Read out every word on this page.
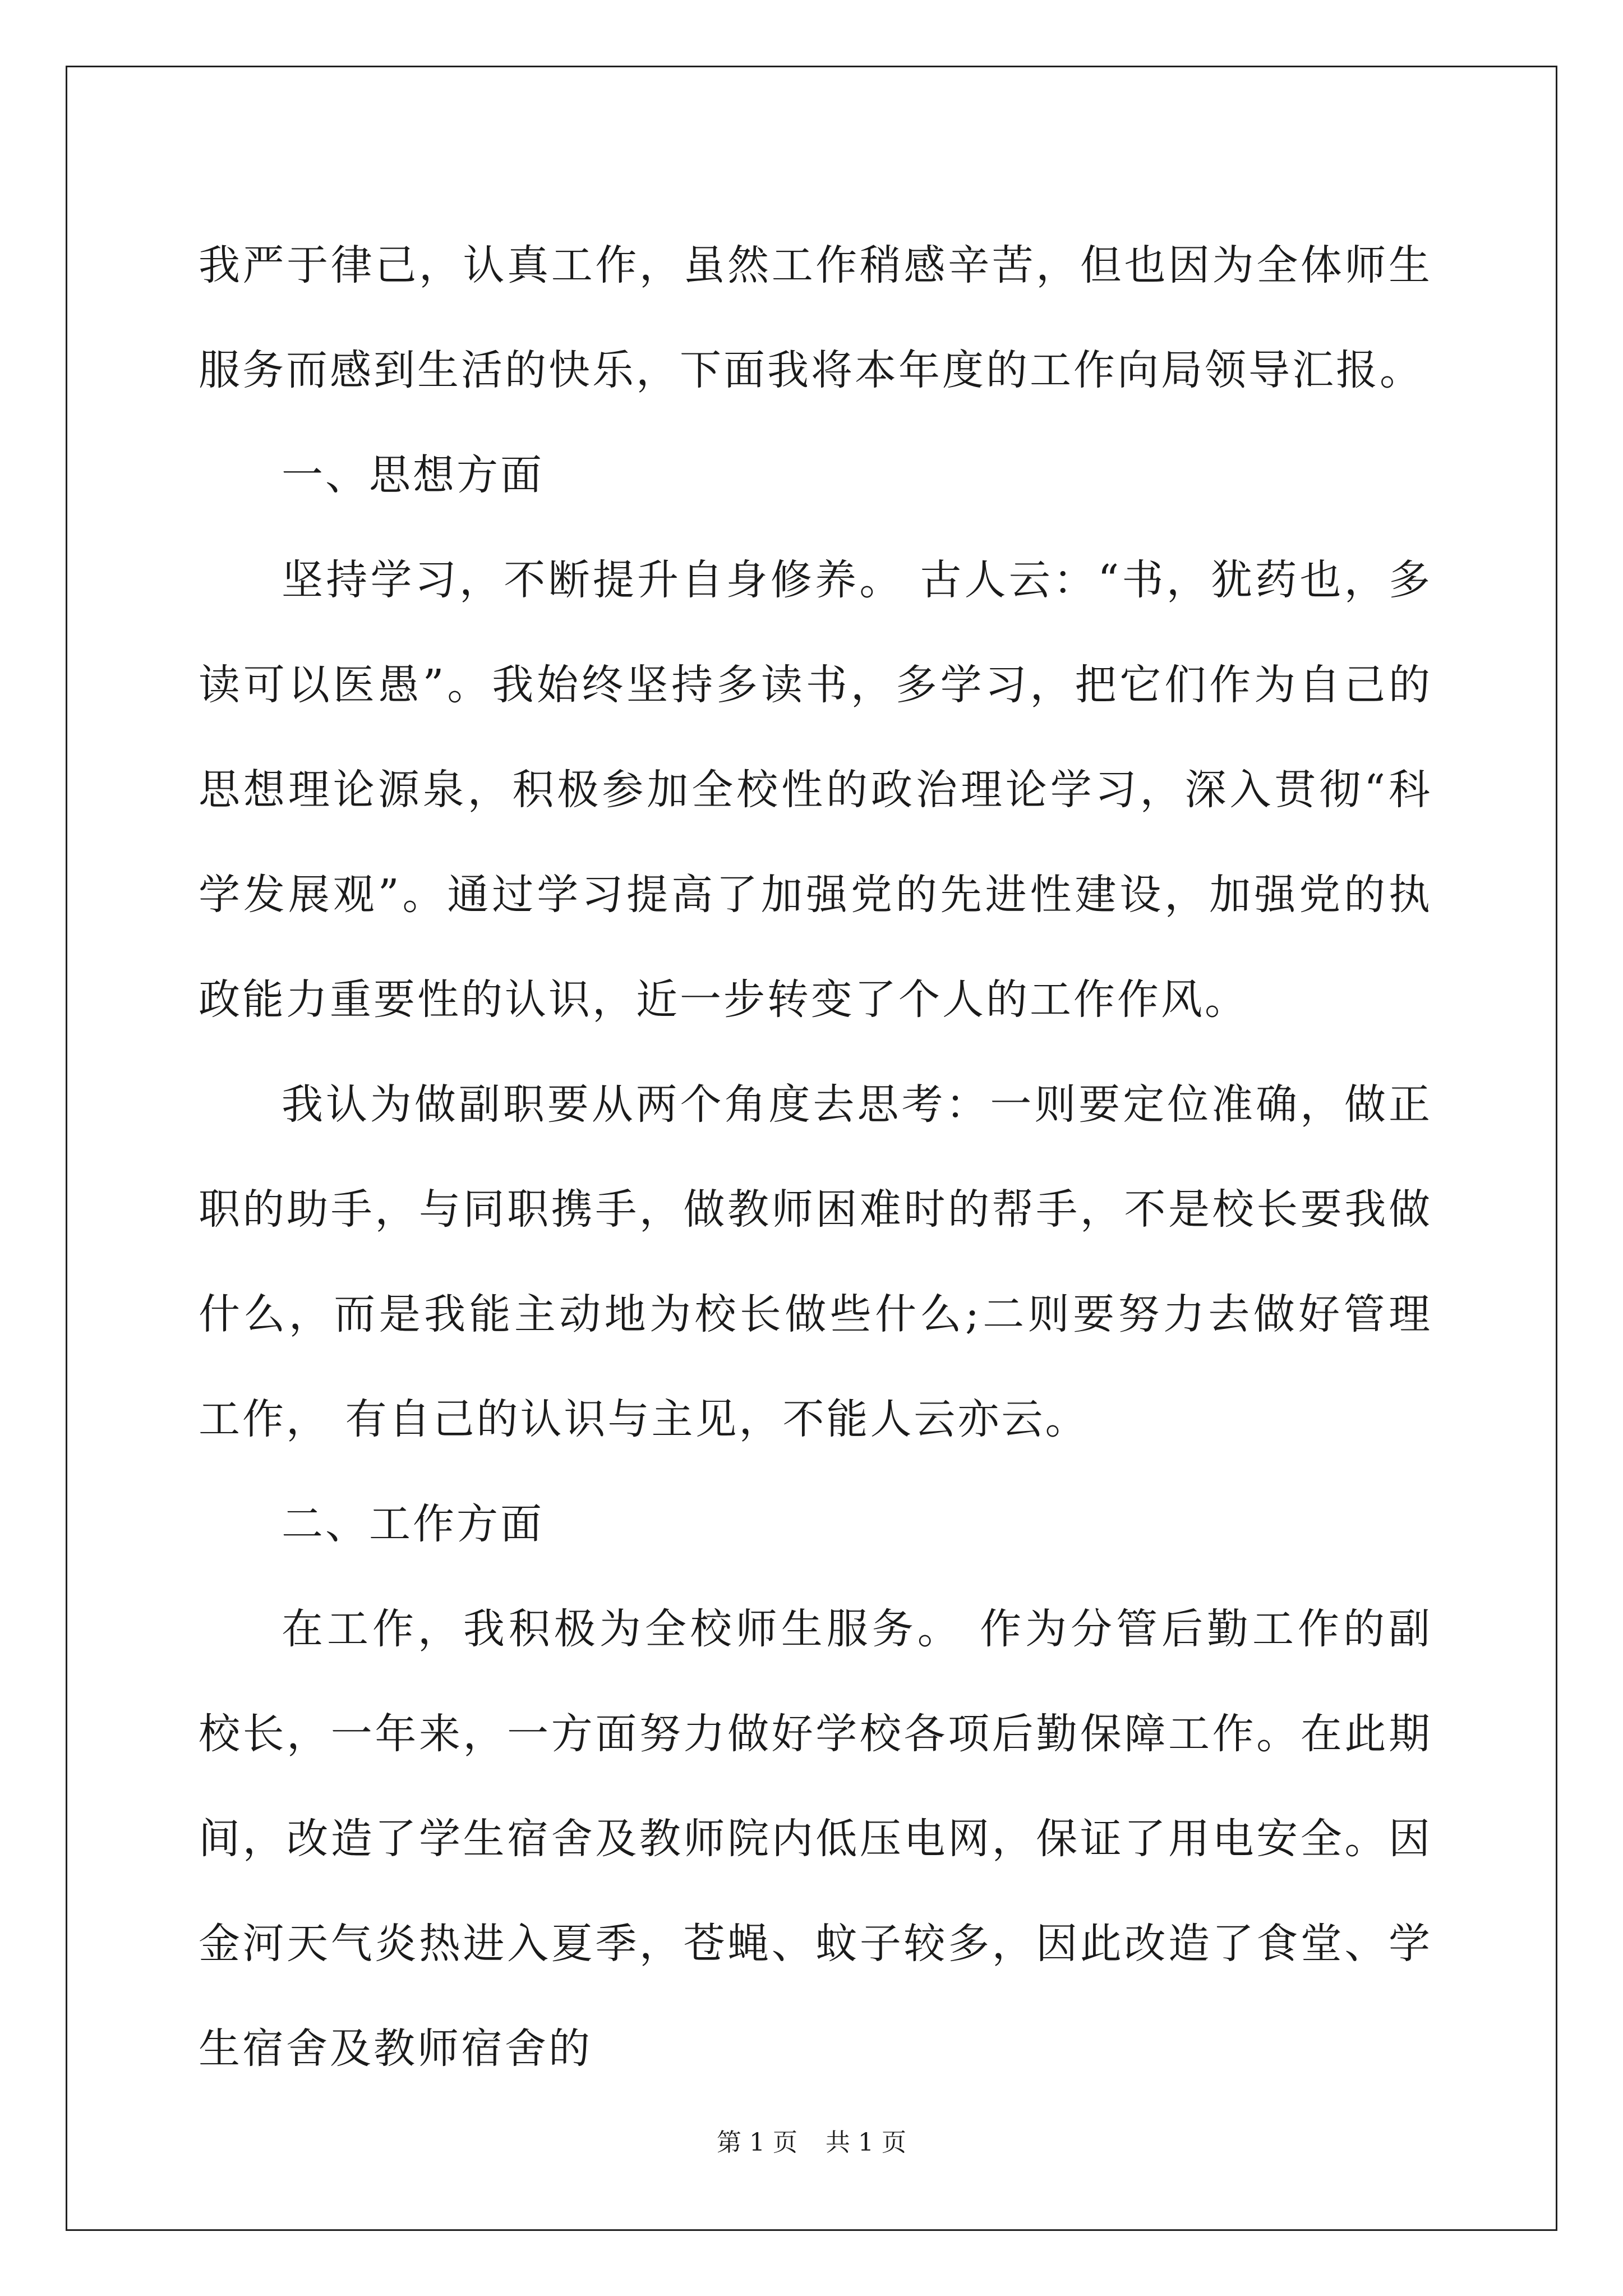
我严于律己，认真工作，虽然工作稍感辛苦，但也因为全体师生服务而感到生活的快乐，下面我将本年度的工作向局领导汇报。

一、思想方面

坚持学习，不断提升自身修养。 古人云：“书，犹药也，多读可以医愚”。我始终坚持多读书，多学习，把它们作为自己的思想理论源泉，积极参加全校性的政治理论学习，深入贯彻“科学发展观”。通过学习提高了加强党的先进性建设，加强党的执政能力重要性的认识，近一步转变了个人的工作作风。

我认为做副职要从两个角度去思考：一则要定位准确，做正职的助手，与同职携手，做教师困难时的帮手，不是校长要我做什么，而是我能主动地为校长做些什么;二则要努力去做好管理工作， 有自己的认识与主见，不能人云亦云。

二、工作方面

在工作，我积极为全校师生服务。 作为分管后勤工作的副校长，一年来，一方面努力做好学校各项后勤保障工作。在此期间，改造了学生宿舍及教师院内低压电网，保证了用电安全。因金河天气炎热进入夏季，苍蝇、蚊子较多，因此改造了食堂、学生宿舍及教师宿舍的

第 1 页 共 1 页
